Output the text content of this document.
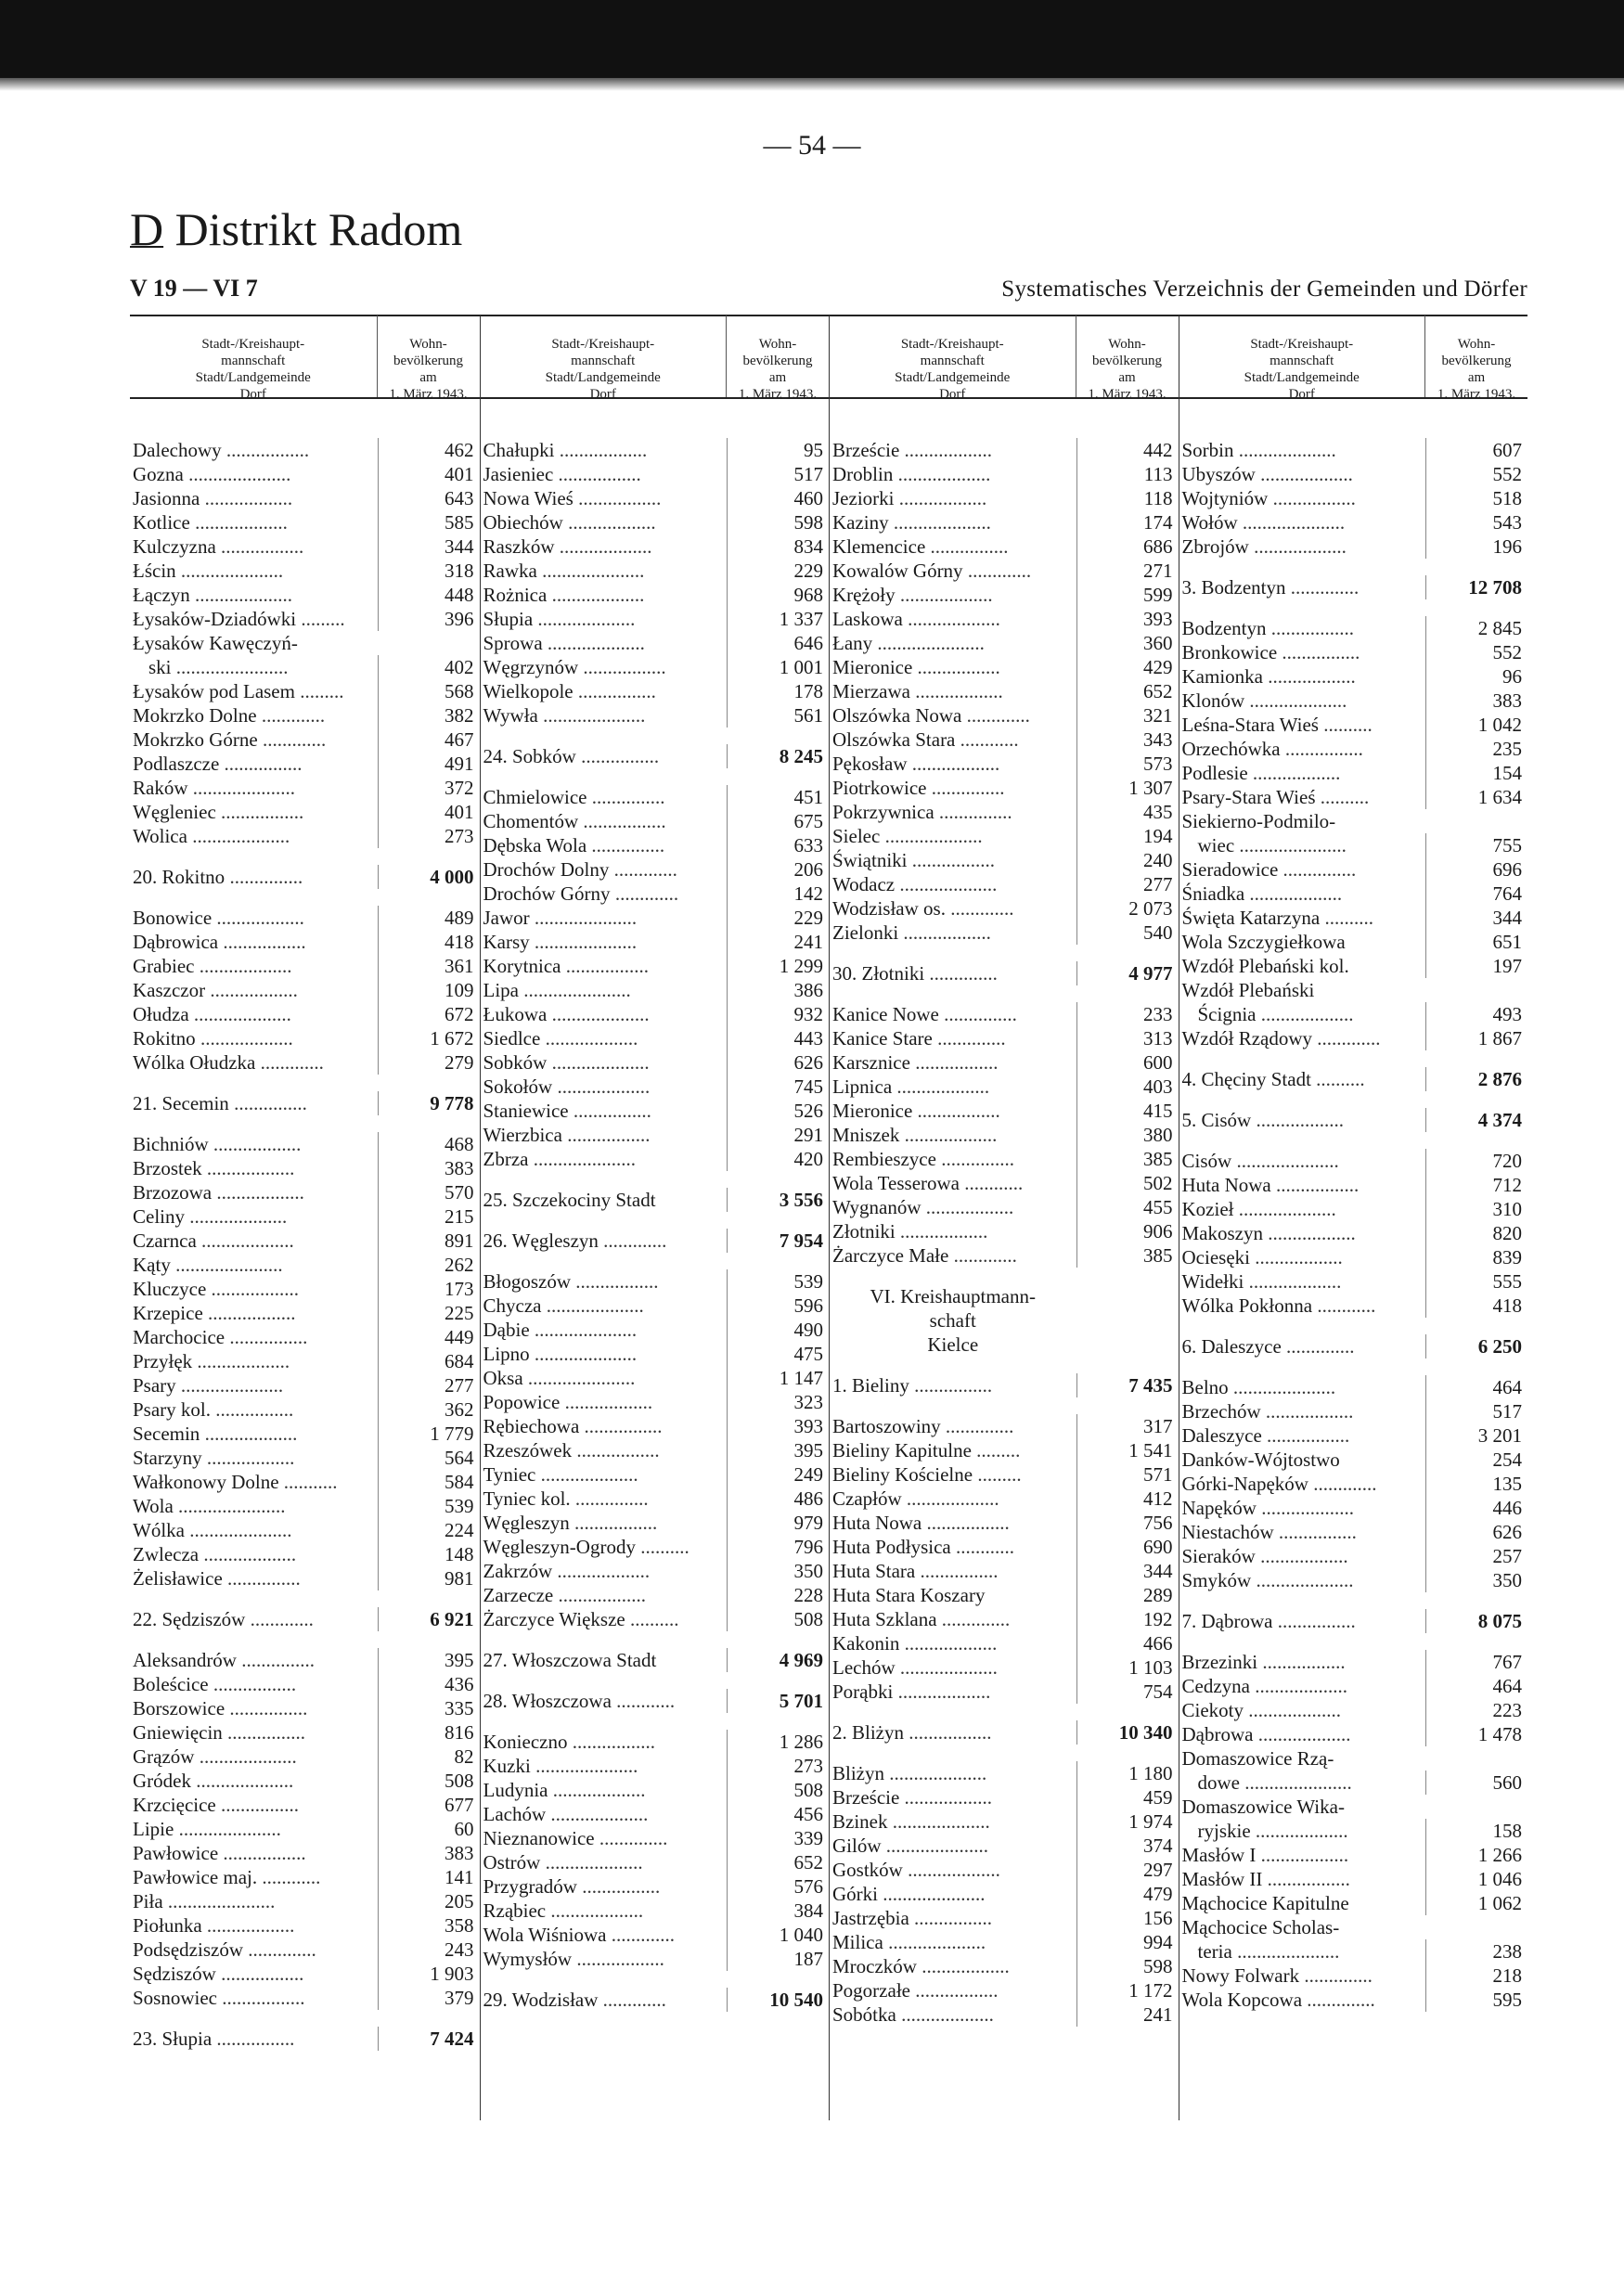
— 54 —
D Distrikt Radom
V 19 — VI 7	Systematisches Verzeichnis der Gemeinden und Dörfer
Stadt-/Kreishaupt-
mannschaft
Stadt/Landgemeinde
Dorf
Wohn-
bevölkerung
am
1. März 1943.
Dalechowy .................	462
Gozna .....................	401
Jasionna ..................	643
Kotlice ...................	585
Kulczyzna .................	344
Łścin .....................	318
Łączyn ....................	448
Łysaków-Dziadówki .........	396
Łysaków Kawęczyń-
ski .......................	402
Łysaków pod Lasem .........	568
Mokrzko Dolne .............	382
Mokrzko Górne .............	467
Podlaszcze ................	491
Raków .....................	372
Węgleniec .................	401
Wolica ....................	273
20. Rokitno ...............	4 000
Bonowice ..................	489
Dąbrowica .................	418
Grabiec ...................	361
Kaszczor ..................	109
Ołudza ....................	672
Rokitno ...................	1 672
Wólka Ołudzka .............	279
21. Secemin ...............	9 778
Bichniów ..................	468
Brzostek ..................	383
Brzozowa ..................	570
Celiny ....................	215
Czarnca ...................	891
Kąty ......................	262
Kluczyce ..................	173
Krzepice ..................	225
Marchocice ................	449
Przyłęk ...................	684
Psary .....................	277
Psary kol. ................	362
Secemin ...................	1 779
Starzyny ..................	564
Wałkonowy Dolne ...........	584
Wola ......................	539
Wólka .....................	224
Zwlecza ...................	148
Żelisławice ...............	981
22. Sędziszów .............	6 921
Aleksandrów ...............	395
Boleścice .................	436
Borszowice ................	335
Gniewięcin ................	816
Grązów ....................	82
Gródek ....................	508
Krzcięcice ................	677
Lipie .....................	60
Pawłowice .................	383
Pawłowice maj. ............	141
Piła ......................	205
Piołunka ..................	358
Podsędziszów ..............	243
Sędziszów .................	1 903
Sosnowiec .................	379
23. Słupia ................	7 424
Stadt-/Kreishaupt-
mannschaft
Stadt/Landgemeinde
Dorf
Wohn-
bevölkerung
am
1. März 1943.
Chałupki ..................	95
Jasieniec .................	517
Nowa Wieś .................	460
Obiechów ..................	598
Raszków ...................	834
Rawka .....................	229
Rożnica ...................	968
Słupia ....................	1 337
Sprowa ....................	646
Węgrzynów .................	1 001
Wielkopole ................	178
Wywła .....................	561
24. Sobków ................	8 245
Chmielowice ...............	451
Chomentów .................	675
Dębska Wola ...............	633
Drochów Dolny .............	206
Drochów Górny .............	142
Jawor .....................	229
Karsy .....................	241
Korytnica .................	1 299
Lipa ......................	386
Łukowa ....................	932
Siedlce ...................	443
Sobków ....................	626
Sokołów ...................	745
Staniewice ................	526
Wierzbica .................	291
Zbrza .....................	420
25. Szczekociny Stadt	3 556
26. Węgleszyn .............	7 954
Błogoszów .................	539
Chycza ....................	596
Dąbie .....................	490
Lipno .....................	475
Oksa ......................	1 147
Popowice ..................	323
Rębiechowa ................	393
Rzeszówek .................	395
Tyniec ....................	249
Tyniec kol. ...............	486
Węgleszyn .................	979
Węgleszyn-Ogrody ..........	796
Zakrzów ...................	350
Zarzecze ..................	228
Żarczyce Większe ..........	508
27. Włoszczowa Stadt	4 969
28. Włoszczowa ............	5 701
Konieczno .................	1 286
Kuzki .....................	273
Ludynia ...................	508
Lachów ....................	456
Nieznanowice ..............	339
Ostrów ....................	652
Przygradów ................	576
Rząbiec ...................	384
Wola Wiśniowa .............	1 040
Wymysłów ..................	187
29. Wodzisław .............	10 540
Stadt-/Kreishaupt-
mannschaft
Stadt/Landgemeinde
Dorf
Wohn-
bevölkerung
am
1. März 1943.
Brzeście ..................	442
Droblin ...................	113
Jeziorki ..................	118
Kaziny ....................	174
Klemencice ................	686
Kowalów Górny .............	271
Krężoły ...................	599
Laskowa ...................	393
Łany ......................	360
Mieronice .................	429
Mierzawa ..................	652
Olszówka Nowa .............	321
Olszówka Stara ............	343
Pękosław ..................	573
Piotrkowice ...............	1 307
Pokrzywnica ...............	435
Sielec ....................	194
Świątniki .................	240
Wodacz ....................	277
Wodzisław os. .............	2 073
Zielonki ..................	540
30. Złotniki ..............	4 977
Kanice Nowe ...............	233
Kanice Stare ..............	313
Karsznice .................	600
Lipnica ...................	403
Mieronice .................	415
Mniszek ...................	380
Rembieszyce ...............	385
Wola Tesserowa ............	502
Wygnanów ..................	455
Złotniki ..................	906
Żarczyce Małe .............	385
VI. Kreishauptmann-
schaft
Kielce
1. Bieliny ................	7 435
Bartoszowiny ..............	317
Bieliny Kapitulne .........	1 541
Bieliny Kościelne .........	571
Czapłów ...................	412
Huta Nowa .................	756
Huta Podłysica ............	690
Huta Stara ................	344
Huta Stara Koszary	289
Huta Szklana ..............	192
Kakonin ...................	466
Lechów ....................	1 103
Porąbki ...................	754
2. Bliżyn .................	10 340
Bliżyn ....................	1 180
Brzeście ..................	459
Bzinek ....................	1 974
Gilów .....................	374
Gostków ...................	297
Górki .....................	479
Jastrzębia ................	156
Milica ....................	994
Mroczków ..................	598
Pogorzałe .................	1 172
Sobótka ...................	241
Stadt-/Kreishaupt-
mannschaft
Stadt/Landgemeinde
Dorf
Wohn-
bevölkerung
am
1. März 1943.
Sorbin ....................	607
Ubyszów ...................	552
Wojtyniów .................	518
Wołów .....................	543
Zbrojów ...................	196
3. Bodzentyn ..............	12 708
Bodzentyn .................	2 845
Bronkowice ................	552
Kamionka ..................	96
Klonów ....................	383
Leśna-Stara Wieś ..........	1 042
Orzechówka ................	235
Podlesie ..................	154
Psary-Stara Wieś ..........	1 634
Siekierno-Podmilo-
wiec ......................	755
Sieradowice ...............	696
Śniadka ...................	764
Święta Katarzyna ..........	344
Wola Szczygiełkowa	651
Wzdół Plebański kol.	197
Wzdół Plebański
Ścignia ...................	493
Wzdół Rządowy .............	1 867
4. Chęciny Stadt ..........	2 876
5. Cisów ..................	4 374
Cisów .....................	720
Huta Nowa .................	712
Kozieł ....................	310
Makoszyn ..................	820
Ociesęki ..................	839
Widełki ...................	555
Wólka Pokłonna ............	418
6. Daleszyce ..............	6 250
Belno .....................	464
Brzechów ..................	517
Daleszyce .................	3 201
Danków-Wójtostwo	254
Górki-Napęków .............	135
Napęków ...................	446
Niestachów ................	626
Sieraków ..................	257
Smyków ....................	350
7. Dąbrowa ................	8 075
Brzezinki .................	767
Cedzyna ...................	464
Ciekoty ...................	223
Dąbrowa ...................	1 478
Domaszowice Rzą-
dowe ......................	560
Domaszowice Wika-
ryjskie ...................	158
Masłów I ..................	1 266
Masłów II .................	1 046
Mąchocice Kapitulne	1 062
Mąchocice Scholas-
teria .....................	238
Nowy Folwark ..............	218
Wola Kopcowa ..............	595
